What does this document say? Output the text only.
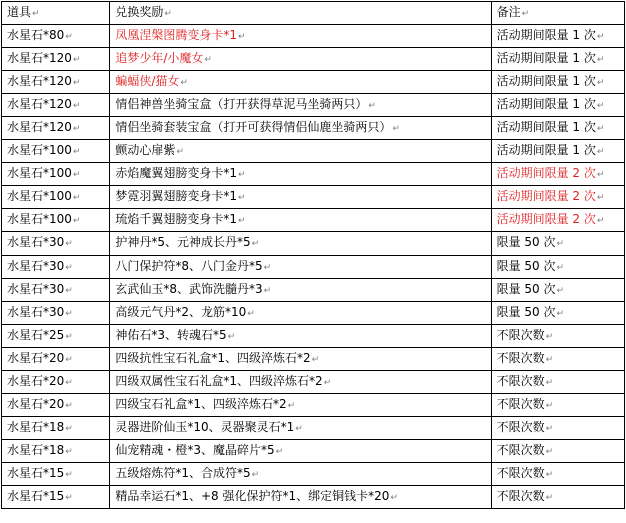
道具↵	兑换奖励↵	备注↵
水星石*80↵	凤凰涅槃图腾变身卡*1↵	活动期间限量 1 次↵
水星石*120↵	追梦少年/小魔女↵	活动期间限量 1 次↵
水星石*120↵	蝙蝠侠/猫女↵	活动期间限量 1 次↵
水星石*120↵	情侣神兽坐骑宝盒（打开获得草泥马坐骑两只）↵	活动期间限量 1 次↵
水星石*120↵	情侣坐骑套装宝盒（打开可获得情侣仙鹿坐骑两只）↵	活动期间限量 1 次↵
水星石*100↵	颤动心扉紫↵	活动期间限量 1 次↵
水星石*100↵	赤焰魔翼翅膀变身卡*1↵	活动期间限量 2 次↵
水星石*100↵	梦霓羽翼翅膀变身卡*1↵	活动期间限量 2 次↵
水星石*100↵	琉焰千翼翅膀变身卡*1↵	活动期间限量 2 次↵
水星石*30↵	护神丹*5、元神成长丹*5↵	限量 50 次↵
水星石*30↵	八门保护符*8、八门金丹*5↵	限量 50 次↵
水星石*30↵	玄武仙玉*8、武饰洗髓丹*3↵	限量 50 次↵
水星石*30↵	高级元气丹*2、龙筋*10↵	限量 50 次↵
水星石*25↵	神佑石*3、转魂石*5↵	不限次数↵
水星石*20↵	四级抗性宝石礼盒*1、四级淬炼石*2↵	不限次数↵
水星石*20↵	四级双属性宝石礼盒*1、四级淬炼石*2↵	不限次数↵
水星石*20↵	四级宝石礼盒*1、四级淬炼石*2↵	不限次数↵
水星石*18↵	灵器进阶仙玉*10、灵器聚灵石*1↵	不限次数↵
水星石*18↵	仙宠精魂・橙*3、魔晶碎片*5↵	不限次数↵
水星石*15↵	五级熔炼符*1、合成符*5↵	不限次数↵
水星石*15↵	精品幸运石*1、+8 强化保护符*1、绑定铜钱卡*20↵	不限次数↵
